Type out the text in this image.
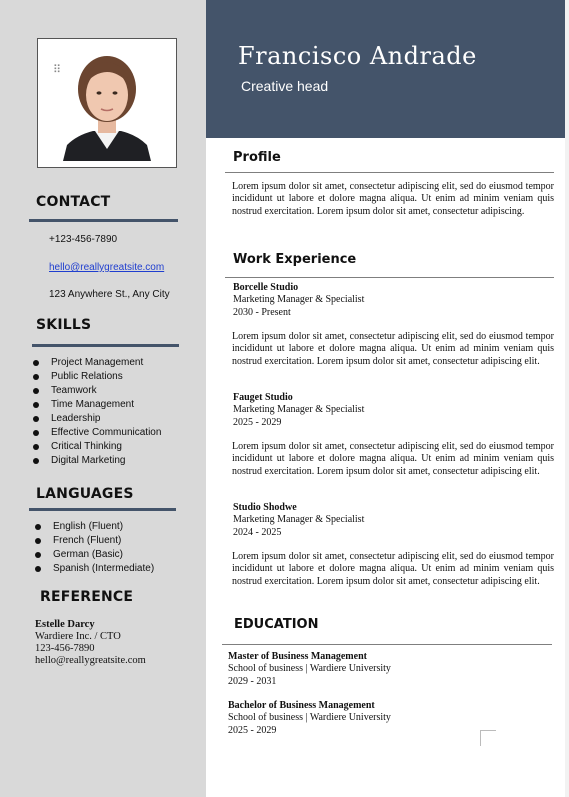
⠿	Francisco Andrade
Creative head
CONTACT
+123-456-7890
hello@reallygreatsite.com
123 Anywhere St., Any City
SKILLS
Project Management
Public Relations
Teamwork
Time Management
Leadership
Effective Communication
Critical Thinking
Digital Marketing
LANGUAGES
English (Fluent)
French (Fluent)
German (Basic)
Spanish (Intermediate)
REFERENCE
Estelle Darcy
Wardiere Inc. / CTO
123-456-7890
hello@reallygreatsite.com
Profile
Lorem ipsum dolor sit amet, consectetur adipiscing elit, sed do eiusmod tempor incididunt ut labore et dolore magna aliqua. Ut enim ad minim veniam quis nostrud exercitation. Lorem ipsum dolor sit amet, consectetur adipiscing.
Work Experience
Borcelle Studio
Marketing Manager & Specialist
2030 - Present
Lorem ipsum dolor sit amet, consectetur adipiscing elit, sed do eiusmod tempor incididunt ut labore et dolore magna aliqua. Ut enim ad minim veniam quis nostrud exercitation. Lorem ipsum dolor sit amet, consectetur adipiscing elit.
Fauget Studio
Marketing Manager & Specialist
2025 - 2029
Lorem ipsum dolor sit amet, consectetur adipiscing elit, sed do eiusmod tempor incididunt ut labore et dolore magna aliqua. Ut enim ad minim veniam quis nostrud exercitation. Lorem ipsum dolor sit amet, consectetur adipiscing elit.
Studio Shodwe
Marketing Manager & Specialist
2024 - 2025
Lorem ipsum dolor sit amet, consectetur adipiscing elit, sed do eiusmod tempor incididunt ut labore et dolore magna aliqua. Ut enim ad minim veniam quis nostrud exercitation. Lorem ipsum dolor sit amet, consectetur adipiscing elit.
EDUCATION
Master of Business Management
School of business | Wardiere University
2029 - 2031
Bachelor of Business Management
School of business | Wardiere University
2025 - 2029
